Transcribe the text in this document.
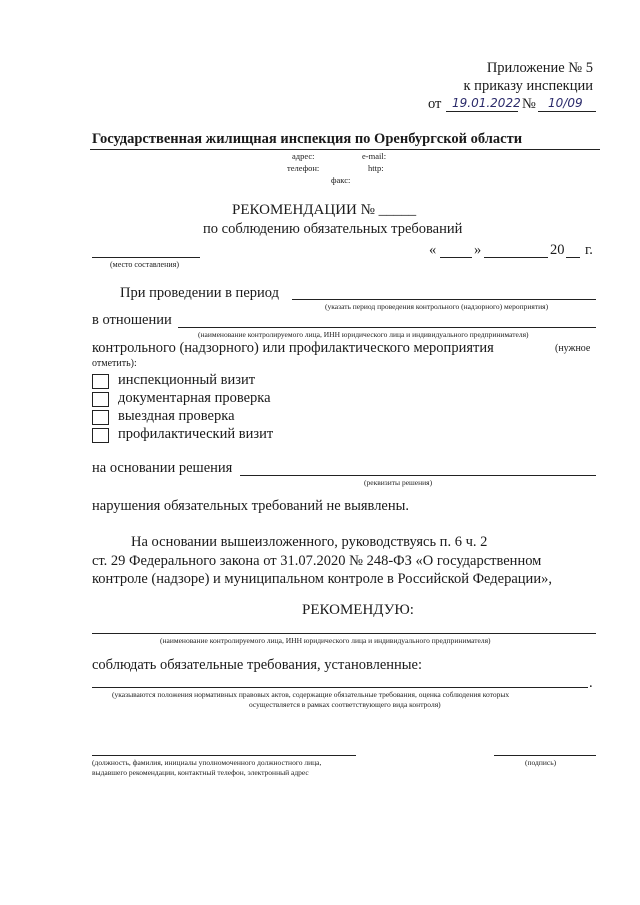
Приложение № 5
к приказу инспекции
от 19.01.2022 № 10/09
Государственная жилищная инспекция по Оренбургской области
адрес:	e-mail:
телефон:	http:
факс:
РЕКОМЕНДАЦИИ № _____
по соблюдению обязательных требований
(место составления)
«	»	20 г.
При проведении в период
(указать период проведения контрольного (надзорного) мероприятия)
в отношении
(наименование контролируемого лица, ИНН юридического лица и индивидуального предпринимателя)
контрольного (надзорного) или профилактического мероприятия	(нужное
отметить):
инспекционный визит
документарная проверка
выездная проверка
профилактический визит
на основании решения
(реквизиты решения)
нарушения обязательных требований не выявлены.
На основании вышеизложенного, руководствуясь п. 6 ч. 2
ст. 29 Федерального закона от 31.07.2020 № 248-ФЗ «О государственном
контроле (надзоре) и муниципальном контроле в Российской Федерации»,
РЕКОМЕНДУЮ:
(наименование контролируемого лица, ИНН юридического лица и индивидуального предпринимателя)
соблюдать обязательные требования, установленные:
.
(указываются положения нормативных правовых актов, содержащие обязательные требования, оценка соблюдения которых
осуществляется в рамках соответствующего вида контроля)
(должность, фамилия, инициалы уполномоченного должностного лица,
выдавшего рекомендации, контактный телефон, электронный адрес
(подпись)
